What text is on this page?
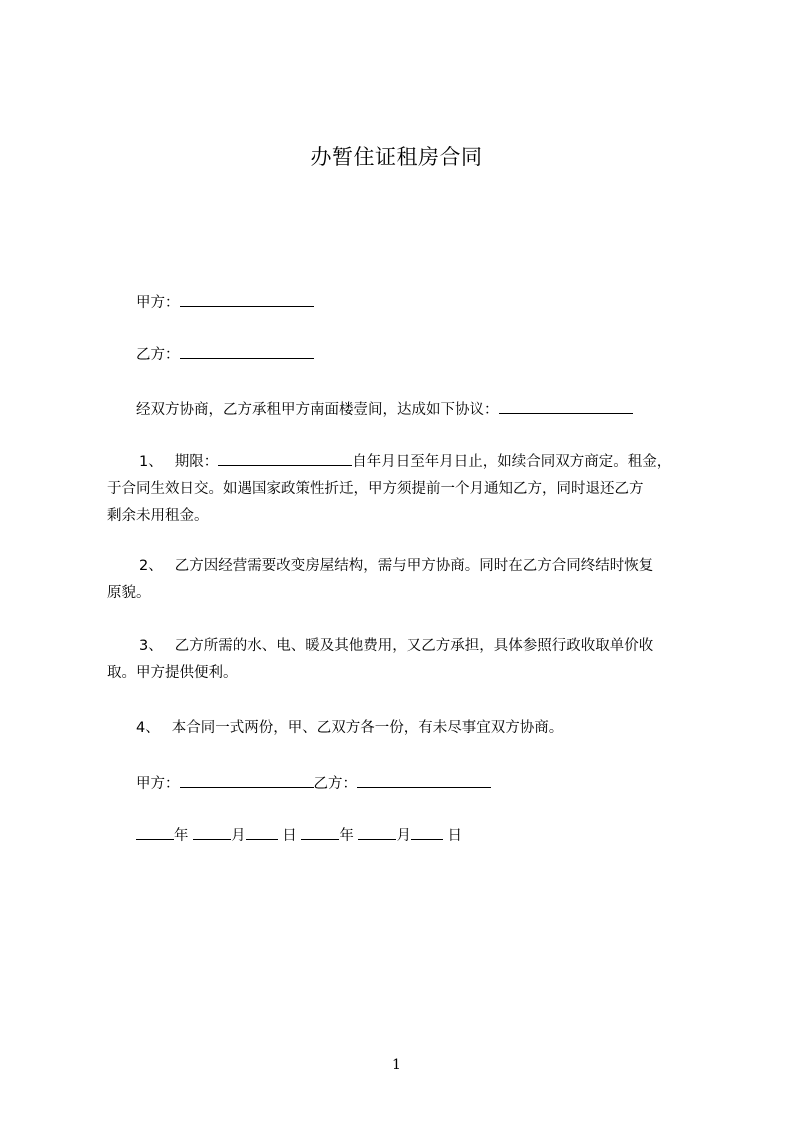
办暂住证租房合同
甲方：
乙方：
经双方协商，乙方承租甲方南面楼壹间，达成如下协议：
1、 期限：	自年月日至年月日止，如续合同双方商定。租金，
于合同生效日交。如遇国家政策性折迁，甲方须提前一个月通知乙方，同时退还乙方
剩余未用租金。
2、 乙方因经营需要改变房屋结构，需与甲方协商。同时在乙方合同终结时恢复
原貌。
3、 乙方所需的水、电、暖及其他费用，又乙方承担，具体参照行政收取单价收
取。甲方提供便利。
4、 本合同一式两份，甲、乙双方各一份，有未尽事宜双方协商。
甲方：	乙方：
年	月	日	年	月	日
1
